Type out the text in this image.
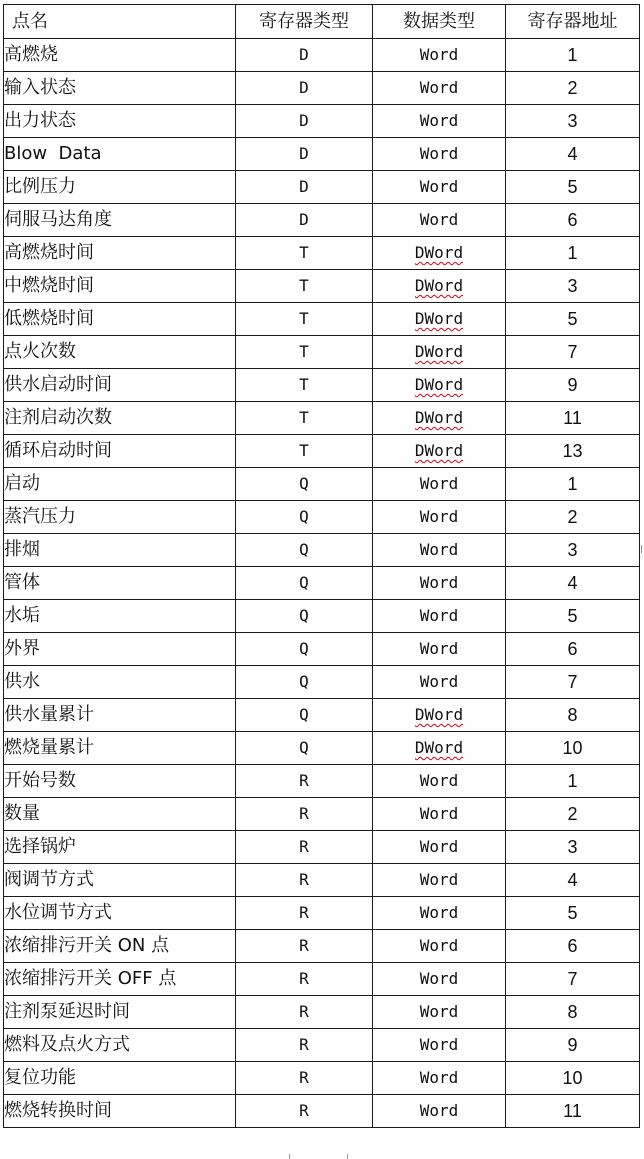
点名	寄存器类型	数据类型	寄存器地址
高燃烧	D	Word	1
输入状态	D	Word	2
出力状态	D	Word	3
Blow  Data	D	Word	4
比例压力	D	Word	5
伺服马达角度	D	Word	6
高燃烧时间	T	DWord	1
中燃烧时间	T	DWord	3
低燃烧时间	T	DWord	5
点火次数	T	DWord	7
供水启动时间	T	DWord	9
注剂启动次数	T	DWord	11
循环启动时间	T	DWord	13
启动	Q	Word	1
蒸汽压力	Q	Word	2
排烟	Q	Word	3
管体	Q	Word	4
水垢	Q	Word	5
外界	Q	Word	6
供水	Q	Word	7
供水量累计	Q	DWord	8
燃烧量累计	Q	DWord	10
开始号数	R	Word	1
数量	R	Word	2
选择锅炉	R	Word	3
阀调节方式	R	Word	4
水位调节方式	R	Word	5
浓缩排污开关 ON 点	R	Word	6
浓缩排污开关 OFF 点	R	Word	7
注剂泵延迟时间	R	Word	8
燃料及点火方式	R	Word	9
复位功能	R	Word	10
燃烧转换时间	R	Word	11
